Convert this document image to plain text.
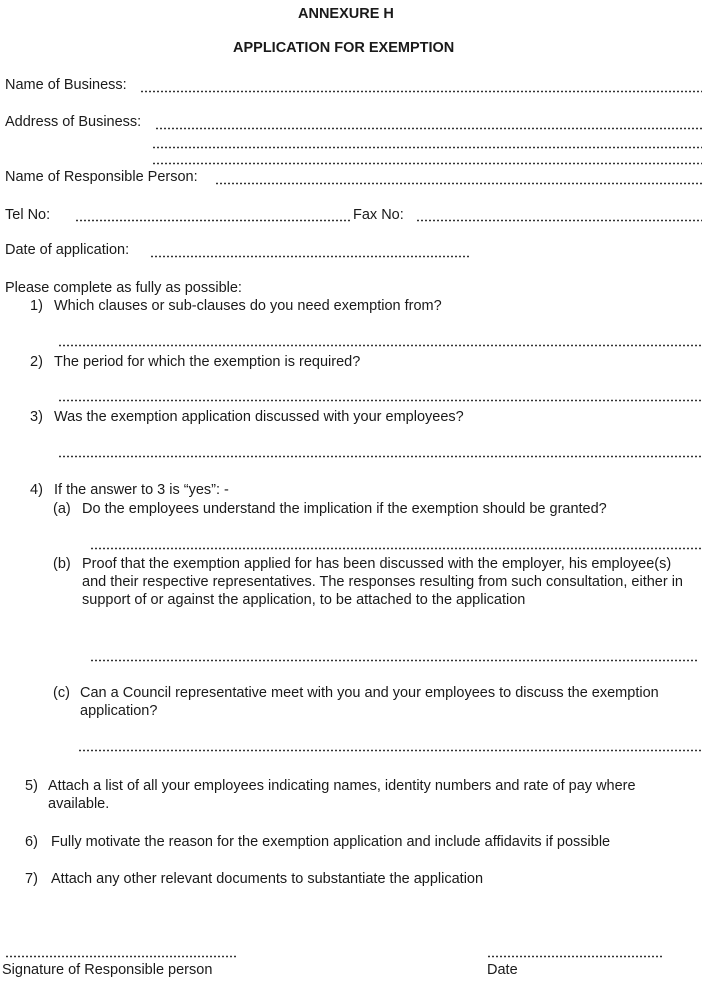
ANNEXURE H
APPLICATION FOR EXEMPTION
Name of Business:
Address of Business:
Name of Responsible Person:
Tel No:	Fax No:
Date of application:
Please complete as fully as possible:
1) Which clauses or sub-clauses do you need exemption from?
2) The period for which the exemption is required?
3) Was the exemption application discussed with your employees?
4) If the answer to 3 is “yes”: -
(a) Do the employees understand the implication if the exemption should be granted?
(b) Proof that the exemption applied for has been discussed with the employer, his employee(s) and their respective representatives. The responses resulting from such consultation, either in support of or against the application, to be attached to the application
(c) Can a Council representative meet with you and your employees to discuss the exemption application?
5) Attach a list of all your employees indicating names, identity numbers and rate of pay where available.
6) Fully motivate the reason for the exemption application and include affidavits if possible
7) Attach any other relevant documents to substantiate the application
Signature of Responsible person	Date
